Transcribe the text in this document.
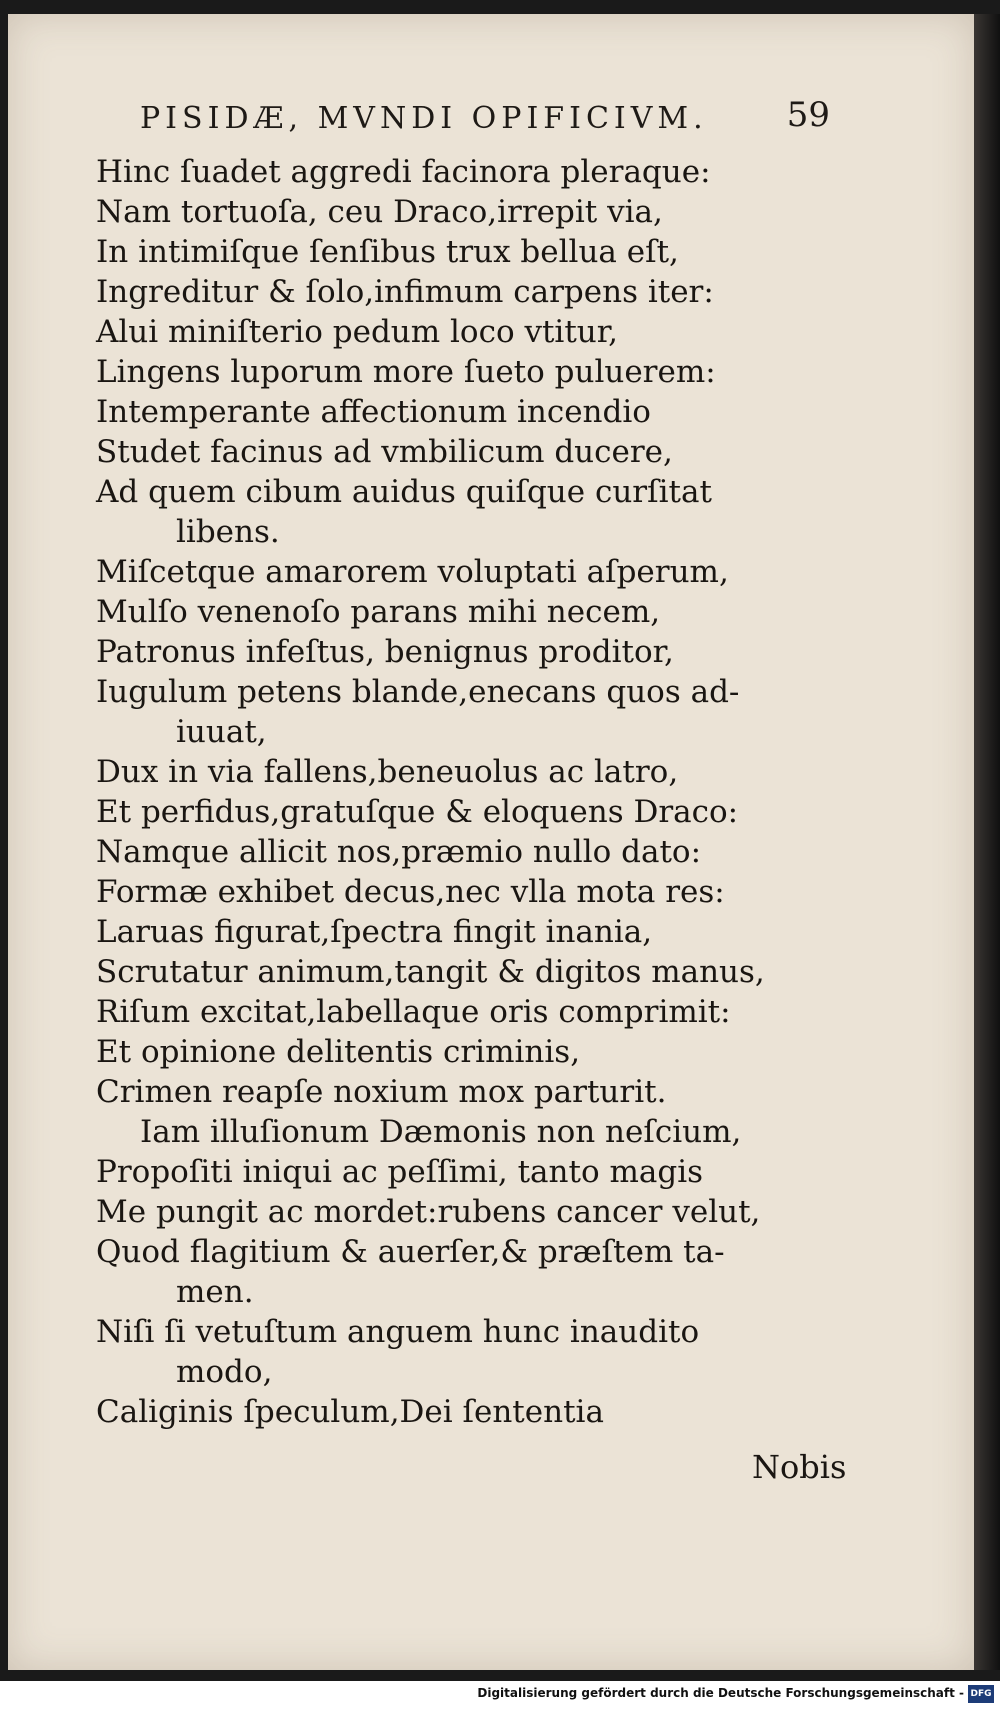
PISIDÆ, MVNDI OPIFICIVM. 59
Hinc ſuadet aggredi facinora pleraque:
Nam tortuoſa, ceu Draco,irrepit via,
In intimiſque ſenſibus trux bellua eſt,
Ingreditur & ſolo,infimum carpens iter:
Alui miniſterio pedum loco vtitur,
Lingens luporum more ſueto puluerem:
Intemperante affectionum incendio
Studet facinus ad vmbilicum ducere,
Ad quem cibum auidus quiſque curſitat
libens.
Miſcetque amarorem voluptati aſperum,
Mulſo venenoſo parans mihi necem,
Patronus infeſtus, benignus proditor,
Iugulum petens blande,enecans quos ad-
iuuat,
Dux in via fallens,beneuolus ac latro,
Et perfidus,gratuſque & eloquens Draco:
Namque allicit nos,præmio nullo dato:
Formæ exhibet decus,nec vlla mota res:
Laruas figurat,ſpectra fingit inania,
Scrutatur animum,tangit & digitos manus,
Riſum excitat,labellaque oris comprimit:
Et opinione delitentis criminis,
Crimen reapſe noxium mox parturit.
Iam illuſionum Dæmonis non neſcium,
Propoſiti iniqui ac peſſimi, tanto magis
Me pungit ac mordet:rubens cancer velut,
Quod flagitium & auerſer,& præſtem ta-
men.
Niſi ſi vetuſtum anguem hunc inaudito
modo,
Caliginis ſpeculum,Dei ſententia
Nobis
Digitalisierung gefördert durch die Deutsche Forschungsgemeinschaft - DFG
